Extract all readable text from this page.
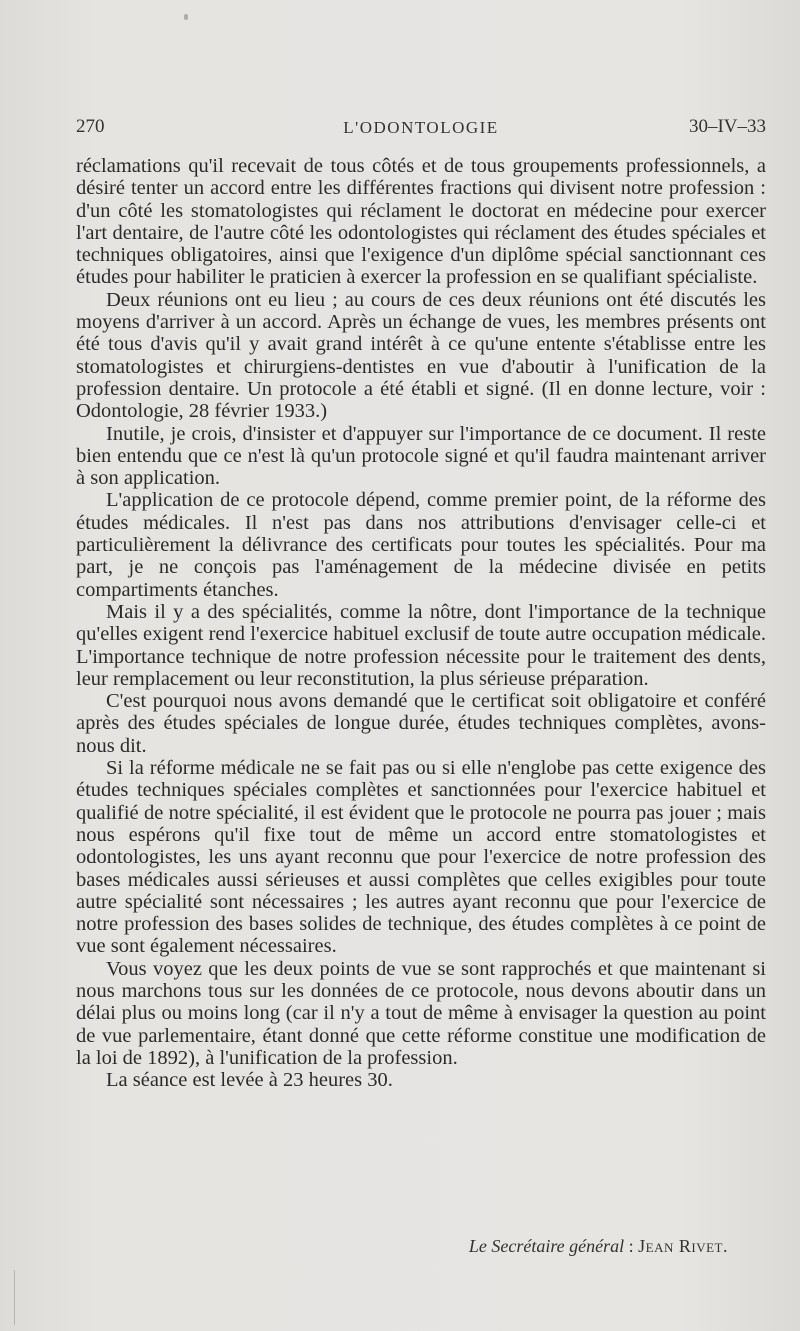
270	L'ODONTOLOGIE	30–IV–33

réclamations qu'il recevait de tous côtés et de tous groupements professionnels, a désiré tenter un accord entre les différentes fractions qui divisent notre profession : d'un côté les stomatologistes qui réclament le doctorat en médecine pour exercer l'art dentaire, de l'autre côté les odontologistes qui réclament des études spéciales et techniques obligatoires, ainsi que l'exigence d'un diplôme spécial sanctionnant ces études pour habiliter le praticien à exercer la profession en se qualifiant spécialiste.

Deux réunions ont eu lieu ; au cours de ces deux réunions ont été discutés les moyens d'arriver à un accord. Après un échange de vues, les membres présents ont été tous d'avis qu'il y avait grand intérêt à ce qu'une entente s'établisse entre les stomatologistes et chirurgiens-dentistes en vue d'aboutir à l'unification de la profession dentaire. Un protocole a été établi et signé. (Il en donne lecture, voir : Odontologie, 28 février 1933.)

Inutile, je crois, d'insister et d'appuyer sur l'importance de ce document. Il reste bien entendu que ce n'est là qu'un protocole signé et qu'il faudra maintenant arriver à son application.

L'application de ce protocole dépend, comme premier point, de la réforme des études médicales. Il n'est pas dans nos attributions d'envisager celle-ci et particulièrement la délivrance des certificats pour toutes les spécialités. Pour ma part, je ne conçois pas l'aménagement de la médecine divisée en petits compartiments étanches.

Mais il y a des spécialités, comme la nôtre, dont l'importance de la technique qu'elles exigent rend l'exercice habituel exclusif de toute autre occupation médicale. L'importance technique de notre profession nécessite pour le traitement des dents, leur remplacement ou leur reconstitution, la plus sérieuse préparation.

C'est pourquoi nous avons demandé que le certificat soit obligatoire et conféré après des études spéciales de longue durée, études techniques complètes, avons-nous dit.

Si la réforme médicale ne se fait pas ou si elle n'englobe pas cette exigence des études techniques spéciales complètes et sanctionnées pour l'exercice habituel et qualifié de notre spécialité, il est évident que le protocole ne pourra pas jouer ; mais nous espérons qu'il fixe tout de même un accord entre stomatologistes et odontologistes, les uns ayant reconnu que pour l'exercice de notre profession des bases médicales aussi sérieuses et aussi complètes que celles exigibles pour toute autre spécialité sont nécessaires ; les autres ayant reconnu que pour l'exercice de notre profession des bases solides de technique, des études complètes à ce point de vue sont également nécessaires.

Vous voyez que les deux points de vue se sont rapprochés et que maintenant si nous marchons tous sur les données de ce protocole, nous devons aboutir dans un délai plus ou moins long (car il n'y a tout de même à envisager la question au point de vue parlementaire, étant donné que cette réforme constitue une modification de la loi de 1892), à l'unification de la profession.

La séance est levée à 23 heures 30.

Le Secrétaire général : Jean Rivet.
